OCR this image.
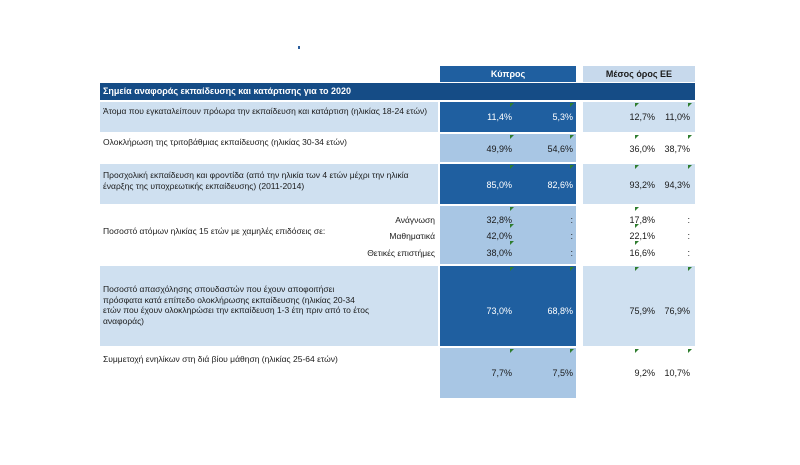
Κύπρος	Μέσος όρος ΕΕ
Σημεία αναφοράς εκπαίδευσης και κατάρτισης για το 2020
Άτομα που εγκαταλείπουν πρόωρα την εκπαίδευση και κατάρτιση (ηλικίας 18-24 ετών)
11,4%	5,3%	12,7%	11,0%
Ολοκλήρωση της τριτοβάθμιας εκπαίδευσης (ηλικίας 30-34 ετών)
49,9%	54,6%	36,0%	38,7%
Προσχολική εκπαίδευση και φροντίδα (από την ηλικία των 4 ετών μέχρι την ηλικία έναρξης της υποχρεωτικής εκπαίδευσης) (2011-2014)	85,0%	82,6%	93,2%	94,3%
Ποσοστό ατόμων ηλικίας 15 ετών με χαμηλές επιδόσεις σε:
Ανάγνωση	32,8%	:	17,8%	:
Μαθηματικά	42,0%	:	22,1%	:
Θετικές επιστήμες	38,0%	:	16,6%	:
Ποσοστό απασχόλησης σπουδαστών που έχουν αποφοιτήσει πρόσφατα κατά επίπεδο ολοκλήρωσης εκπαίδευσης (ηλικίας 20-34 ετών που έχουν ολοκληρώσει την εκπαίδευση 1-3 έτη πριν από το έτος αναφοράς)
73,0%	68,8%	75,9%	76,9%
Συμμετοχή ενηλίκων στη διά βίου μάθηση (ηλικίας 25-64 ετών)
7,7%	7,5%	9,2%	10,7%
